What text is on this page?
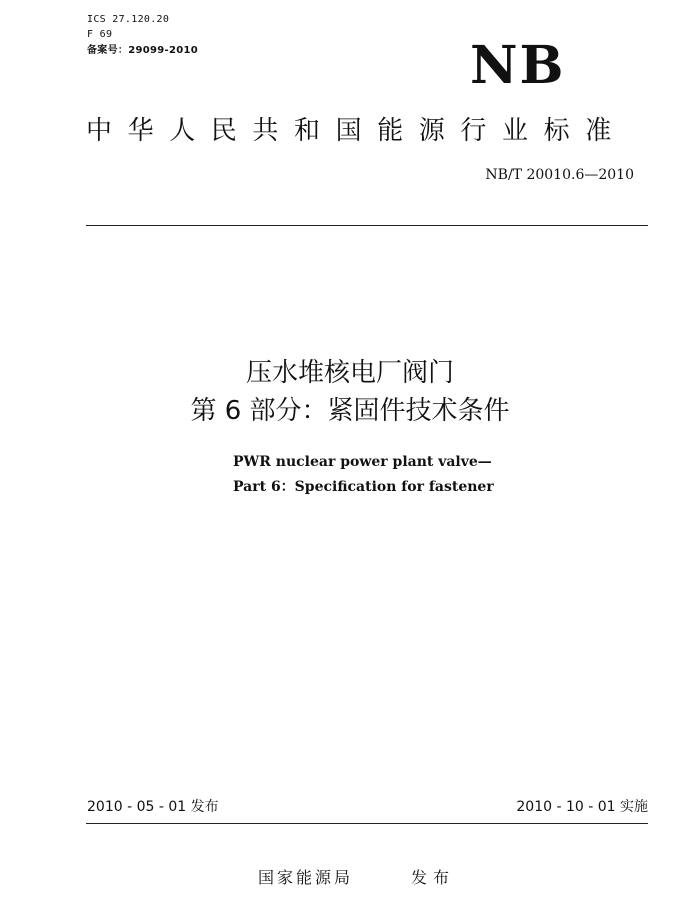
ICS 27.120.20
F 69
备案号：29099-2010	NB
中华人民共和国能源行业标准
NB/T 20010.6—2010
压水堆核电厂阀门
第 6 部分：紧固件技术条件
PWR nuclear power plant valve—
Part 6：Specification for fastener
2010 - 05 - 01 发布	2010 - 10 - 01 实施
国家能源局	发布
